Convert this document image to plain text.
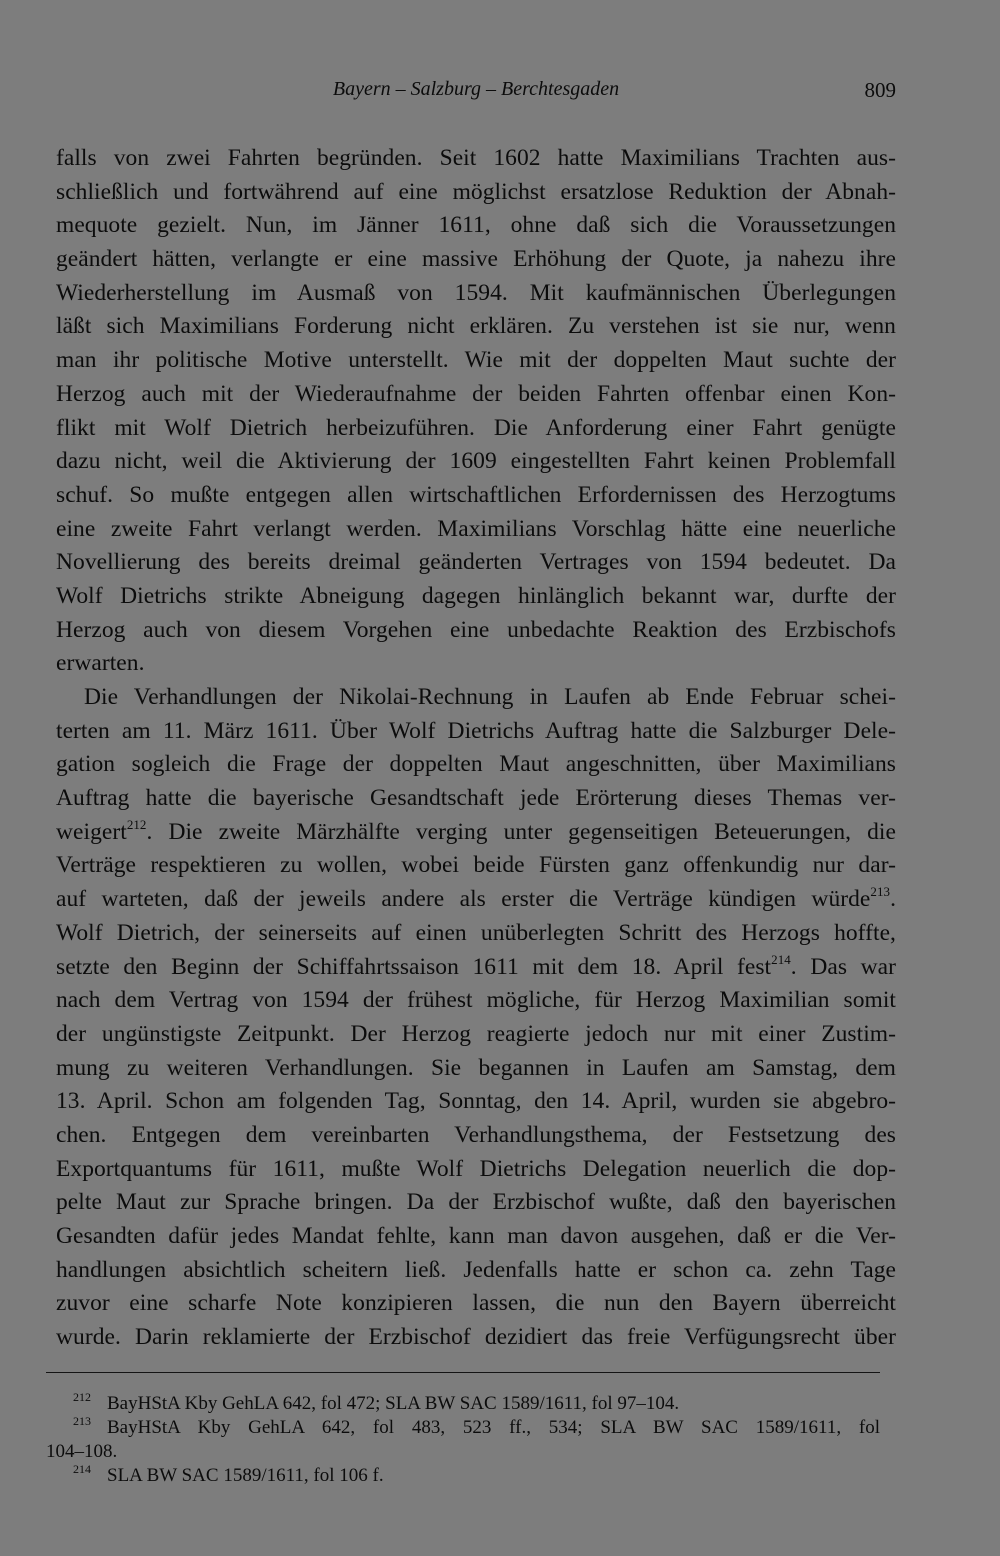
Bayern – Salzburg – Berchtesgaden	809
falls von zwei Fahrten begründen. Seit 1602 hatte Maximilians Trachten aus-
schließlich und fortwährend auf eine möglichst ersatzlose Reduktion der Abnah-
mequote gezielt. Nun, im Jänner 1611, ohne daß sich die Voraussetzungen
geändert hätten, verlangte er eine massive Erhöhung der Quote, ja nahezu ihre
Wiederherstellung im Ausmaß von 1594. Mit kaufmännischen Überlegungen
läßt sich Maximilians Forderung nicht erklären. Zu verstehen ist sie nur, wenn
man ihr politische Motive unterstellt. Wie mit der doppelten Maut suchte der
Herzog auch mit der Wiederaufnahme der beiden Fahrten offenbar einen Kon-
flikt mit Wolf Dietrich herbeizuführen. Die Anforderung einer Fahrt genügte
dazu nicht, weil die Aktivierung der 1609 eingestellten Fahrt keinen Problemfall
schuf. So mußte entgegen allen wirtschaftlichen Erfordernissen des Herzogtums
eine zweite Fahrt verlangt werden. Maximilians Vorschlag hätte eine neuerliche
Novellierung des bereits dreimal geänderten Vertrages von 1594 bedeutet. Da
Wolf Dietrichs strikte Abneigung dagegen hinlänglich bekannt war, durfte der
Herzog auch von diesem Vorgehen eine unbedachte Reaktion des Erzbischofs
erwarten.
Die Verhandlungen der Nikolai-Rechnung in Laufen ab Ende Februar schei-
terten am 11. März 1611. Über Wolf Dietrichs Auftrag hatte die Salzburger Dele-
gation sogleich die Frage der doppelten Maut angeschnitten, über Maximilians
Auftrag hatte die bayerische Gesandtschaft jede Erörterung dieses Themas ver-
weigert$^{212}$. Die zweite Märzhälfte verging unter gegenseitigen Beteuerungen, die
Verträge respektieren zu wollen, wobei beide Fürsten ganz offenkundig nur dar-
auf warteten, daß der jeweils andere als erster die Verträge kündigen würde$^{213}$.
Wolf Dietrich, der seinerseits auf einen unüberlegten Schritt des Herzogs hoffte,
setzte den Beginn der Schiffahrtssaison 1611 mit dem 18. April fest$^{214}$. Das war
nach dem Vertrag von 1594 der frühest mögliche, für Herzog Maximilian somit
der ungünstigste Zeitpunkt. Der Herzog reagierte jedoch nur mit einer Zustim-
mung zu weiteren Verhandlungen. Sie begannen in Laufen am Samstag, dem
13. April. Schon am folgenden Tag, Sonntag, den 14. April, wurden sie abgebro-
chen. Entgegen dem vereinbarten Verhandlungsthema, der Festsetzung des
Exportquantums für 1611, mußte Wolf Dietrichs Delegation neuerlich die dop-
pelte Maut zur Sprache bringen. Da der Erzbischof wußte, daß den bayerischen
Gesandten dafür jedes Mandat fehlte, kann man davon ausgehen, daß er die Ver-
handlungen absichtlich scheitern ließ. Jedenfalls hatte er schon ca. zehn Tage
zuvor eine scharfe Note konzipieren lassen, die nun den Bayern überreicht
wurde. Darin reklamierte der Erzbischof dezidiert das freie Verfügungsrecht über
$^{212}$ BayHStA Kby GehLA 642, fol 472; SLA BW SAC 1589/1611, fol 97–104.
$^{213}$ BayHStA Kby GehLA 642, fol 483, 523 ff., 534; SLA BW SAC 1589/1611, fol
104–108.
$^{214}$ SLA BW SAC 1589/1611, fol 106 f.
